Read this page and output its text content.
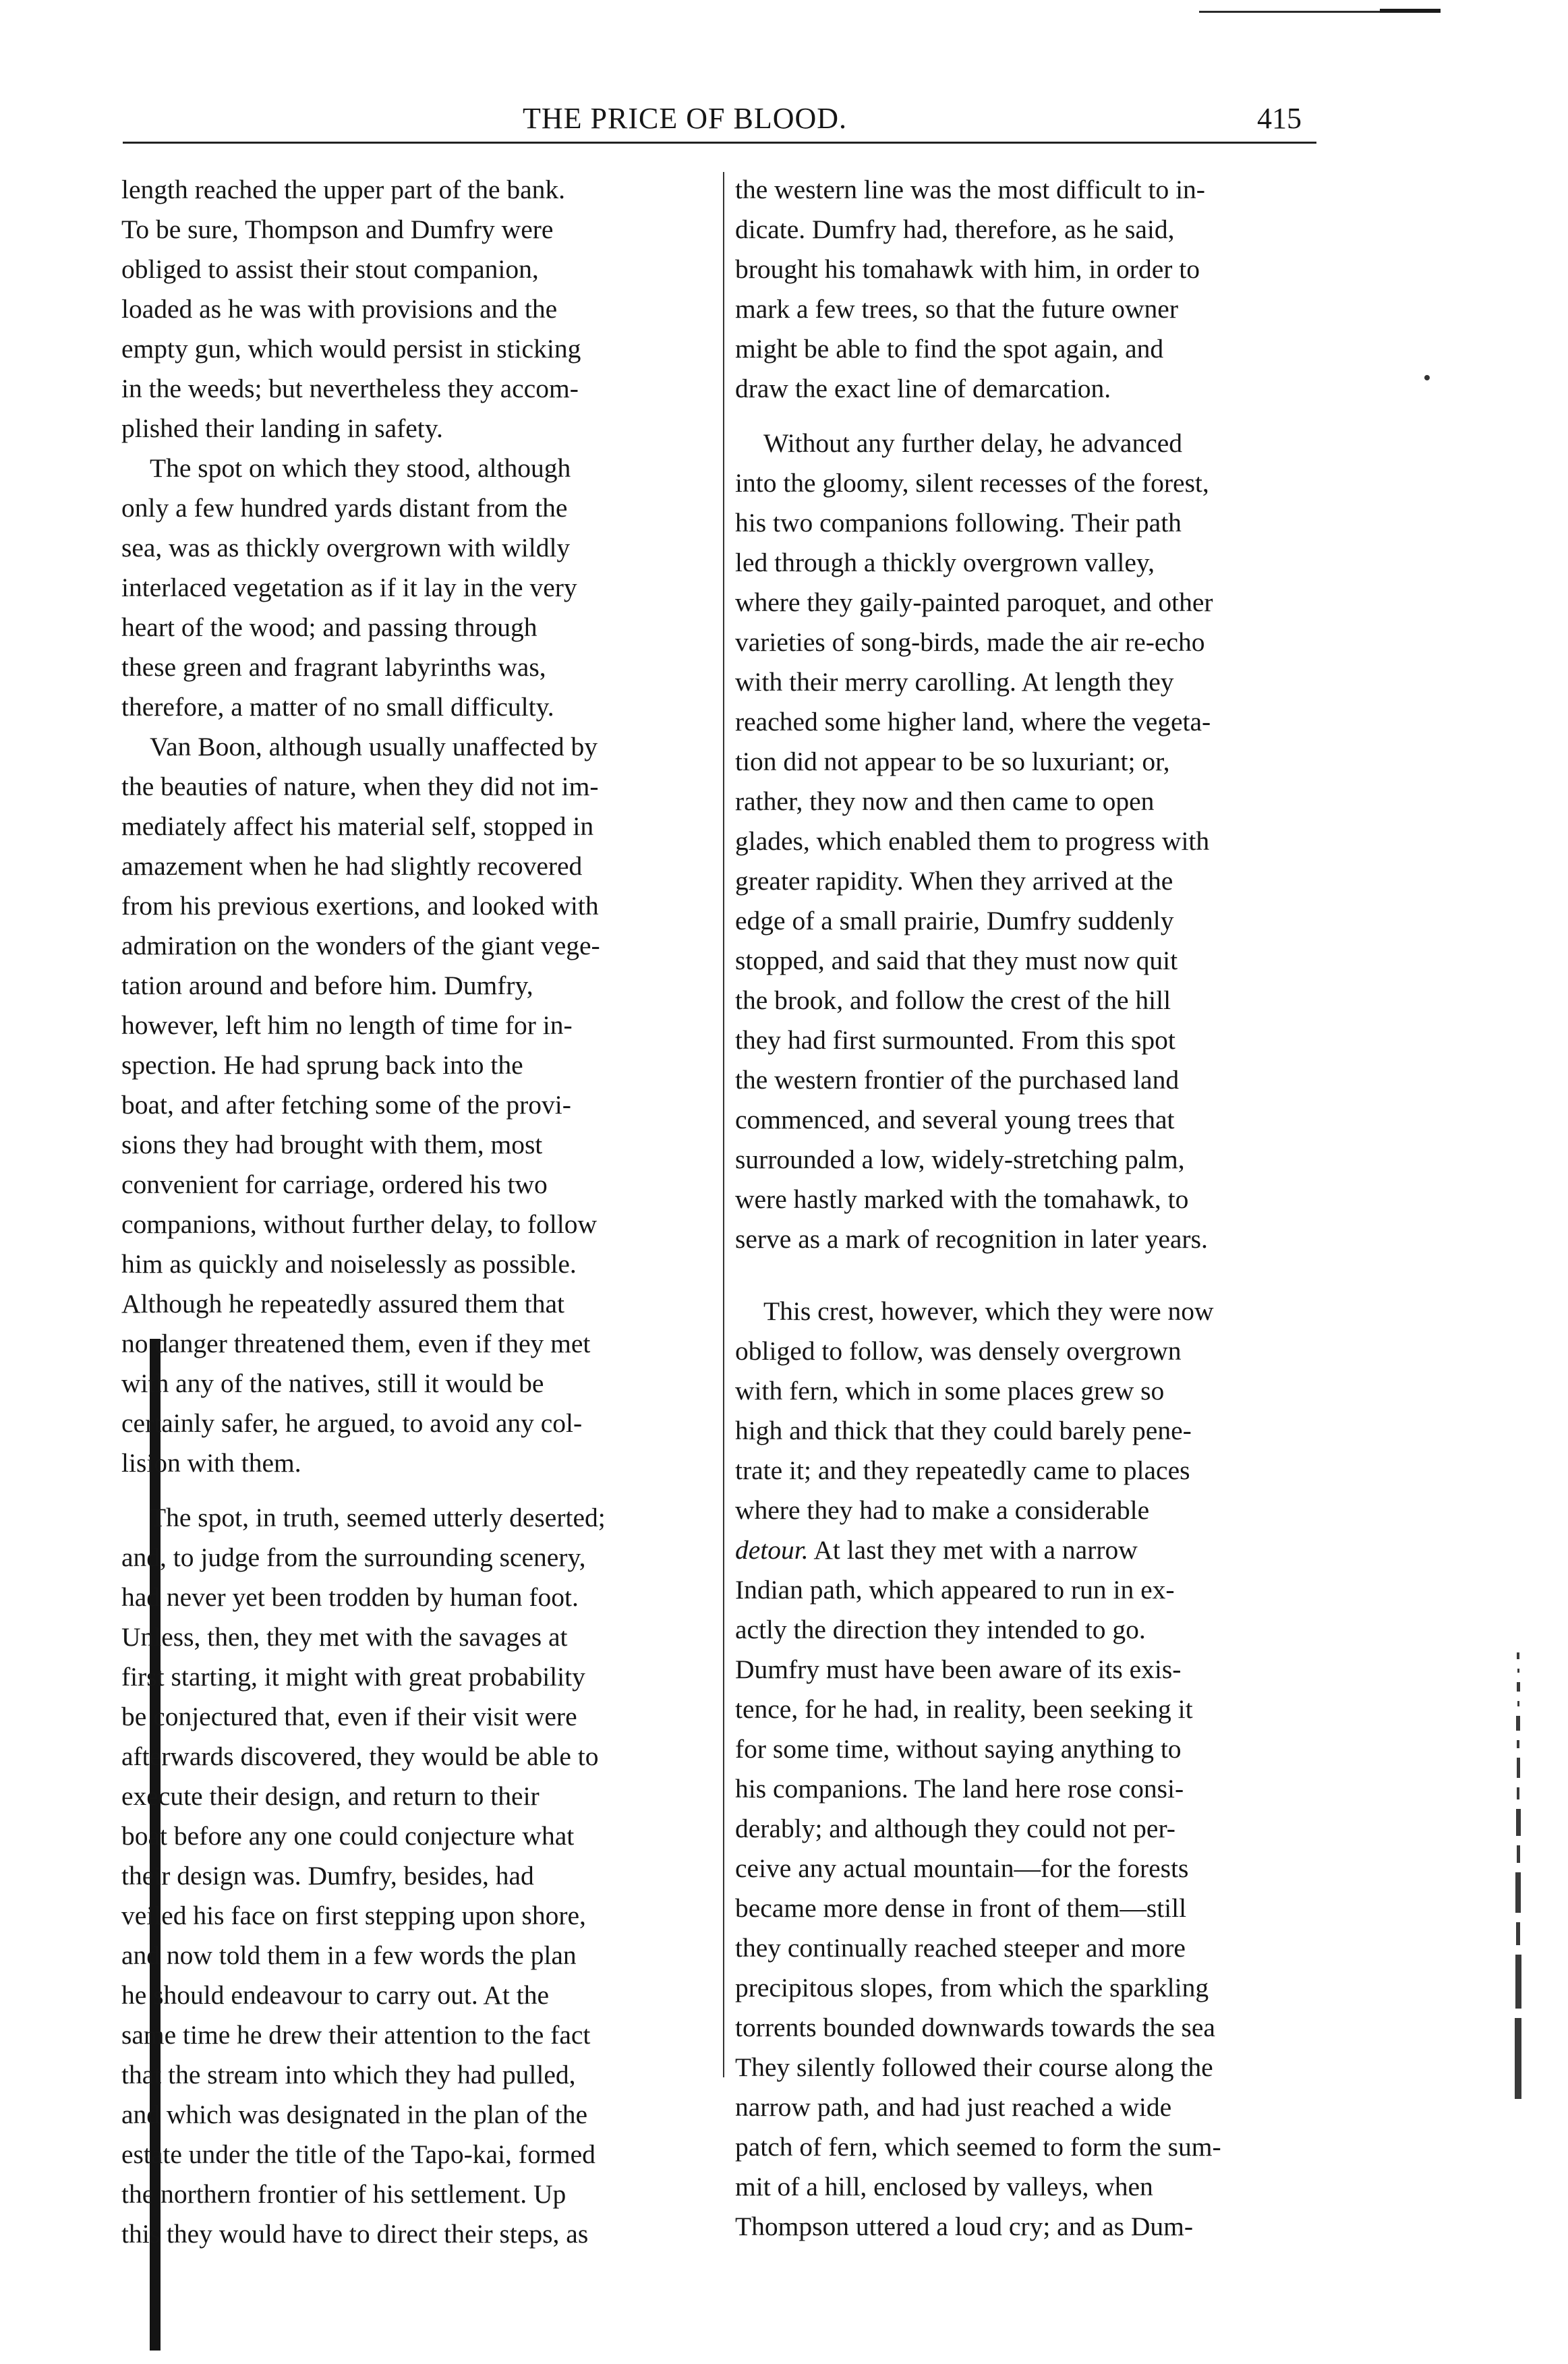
THE PRICE OF BLOOD.	415

length reached the upper part of the bank.
To be sure, Thompson and Dumfry were
obliged to assist their stout companion,
loaded as he was with provisions and the
empty gun, which would persist in sticking
in the weeds; but nevertheless they accom-
plished their landing in safety.

The spot on which they stood, although
only a few hundred yards distant from the
sea, was as thickly overgrown with wildly
interlaced vegetation as if it lay in the very
heart of the wood; and passing through
these green and fragrant labyrinths was,
therefore, a matter of no small difficulty.

Van Boon, although usually unaffected by
the beauties of nature, when they did not im-
mediately affect his material self, stopped in
amazement when he had slightly recovered
from his previous exertions, and looked with
admiration on the wonders of the giant vege-
tation around and before him. Dumfry,
however, left him no length of time for in-
spection. He had sprung back into the
boat, and after fetching some of the provi-
sions they had brought with them, most
convenient for carriage, ordered his two
companions, without further delay, to follow
him as quickly and noiselessly as possible.
Although he repeatedly assured them that
no danger threatened them, even if they met
with any of the natives, still it would be
certainly safer, he argued, to avoid any col-
lision with them.

The spot, in truth, seemed utterly deserted;
and, to judge from the surrounding scenery,
had never yet been trodden by human foot.
Unless, then, they met with the savages at
first starting, it might with great probability
be conjectured that, even if their visit were
afterwards discovered, they would be able to
execute their design, and return to their
boat before any one could conjecture what
their design was. Dumfry, besides, had
veiled his face on first stepping upon shore,
and now told them in a few words the plan
he should endeavour to carry out. At the
same time he drew their attention to the fact
that the stream into which they had pulled,
and which was designated in the plan of the
estate under the title of the Tapo-kai, formed
the northern frontier of his settlement. Up
this they would have to direct their steps, as

the western line was the most difficult to in-
dicate. Dumfry had, therefore, as he said,
brought his tomahawk with him, in order to
mark a few trees, so that the future owner
might be able to find the spot again, and
draw the exact line of demarcation.

Without any further delay, he advanced
into the gloomy, silent recesses of the forest,
his two companions following. Their path
led through a thickly overgrown valley,
where they gaily-painted paroquet, and other
varieties of song-birds, made the air re-echo
with their merry carolling. At length they
reached some higher land, where the vegeta-
tion did not appear to be so luxuriant; or,
rather, they now and then came to open
glades, which enabled them to progress with
greater rapidity. When they arrived at the
edge of a small prairie, Dumfry suddenly
stopped, and said that they must now quit
the brook, and follow the crest of the hill
they had first surmounted. From this spot
the western frontier of the purchased land
commenced, and several young trees that
surrounded a low, widely-stretching palm,
were hastly marked with the tomahawk, to
serve as a mark of recognition in later years.

This crest, however, which they were now
obliged to follow, was densely overgrown
with fern, which in some places grew so
high and thick that they could barely pene-
trate it; and they repeatedly came to places
where they had to make a considerable
detour. At last they met with a narrow
Indian path, which appeared to run in ex-
actly the direction they intended to go.
Dumfry must have been aware of its exis-
tence, for he had, in reality, been seeking it
for some time, without saying anything to
his companions. The land here rose consi-
derably; and although they could not per-
ceive any actual mountain—for the forests
became more dense in front of them—still
they continually reached steeper and more
precipitous slopes, from which the sparkling
torrents bounded downwards towards the sea
They silently followed their course along the
narrow path, and had just reached a wide
patch of fern, which seemed to form the sum-
mit of a hill, enclosed by valleys, when
Thompson uttered a loud cry; and as Dum-
